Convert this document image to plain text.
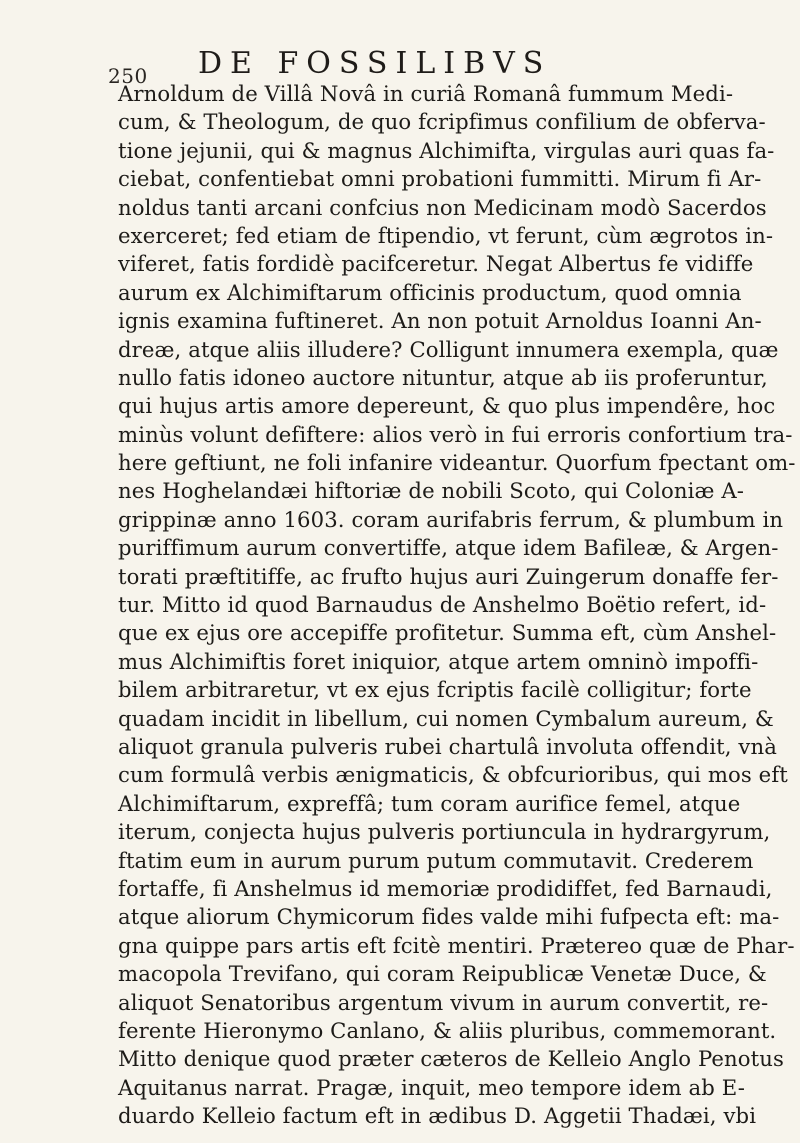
250 DE FOSSILIBVS
Arnoldum de Villâ Novâ in curiâ Romanâ fummum Medi-
cum, & Theologum, de quo fcripfimus confilium de obferva-
tione jejunii, qui & magnus Alchimifta, virgulas auri quas fa-
ciebat, confentiebat omni probationi fummitti. Mirum fi Ar-
noldus tanti arcani confcius non Medicinam modò Sacerdos
exerceret; fed etiam de ftipendio, vt ferunt, cùm ægrotos in-
viferet, fatis fordidè pacifceretur. Negat Albertus fe vidiffe
aurum ex Alchimiftarum officinis productum, quod omnia
ignis examina fuftineret. An non potuit Arnoldus Ioanni An-
dreæ, atque aliis illudere? Colligunt innumera exempla, quæ
nullo fatis idoneo auctore nituntur, atque ab iis proferuntur,
qui hujus artis amore depereunt, & quo plus impendêre, hoc
minùs volunt defiftere: alios verò in fui erroris confortium tra-
here geftiunt, ne foli infanire videantur. Quorfum fpectant om-
nes Hoghelandæi hiftoriæ de nobili Scoto, qui Coloniæ A-
grippinæ anno 1603. coram aurifabris ferrum, & plumbum in
puriffimum aurum convertiffe, atque idem Bafileæ, & Argen-
torati præftitiffe, ac frufto hujus auri Zuingerum donaffe fer-
tur. Mitto id quod Barnaudus de Anshelmo Boëtio refert, id-
que ex ejus ore accepiffe profitetur. Summa eft, cùm Anshel-
mus Alchimiftis foret iniquior, atque artem omninò impoffi-
bilem arbitraretur, vt ex ejus fcriptis facilè colligitur; forte
quadam incidit in libellum, cui nomen Cymbalum aureum, &
aliquot granula pulveris rubei chartulâ involuta offendit, vnà
cum formulâ verbis ænigmaticis, & obfcurioribus, qui mos eft
Alchimiftarum, expreffâ; tum coram aurifice femel, atque
iterum, conjecta hujus pulveris portiuncula in hydrargyrum,
ftatim eum in aurum purum putum commutavit. Crederem
fortaffe, fi Anshelmus id memoriæ prodidiffet, fed Barnaudi,
atque aliorum Chymicorum fides valde mihi fufpecta eft: ma-
gna quippe pars artis eft fcitè mentiri. Prætereo quæ de Phar-
macopola Trevifano, qui coram Reipublicæ Venetæ Duce, &
aliquot Senatoribus argentum vivum in aurum convertit, re-
ferente Hieronymo Canlano, & aliis pluribus, commemorant.
Mitto denique quod præter cæteros de Kelleio Anglo Penotus
Aquitanus narrat. Pragæ, inquit, meo tempore idem ab E-
duardo Kelleio factum eft in ædibus D. Aggetii Thadæi, vbi
